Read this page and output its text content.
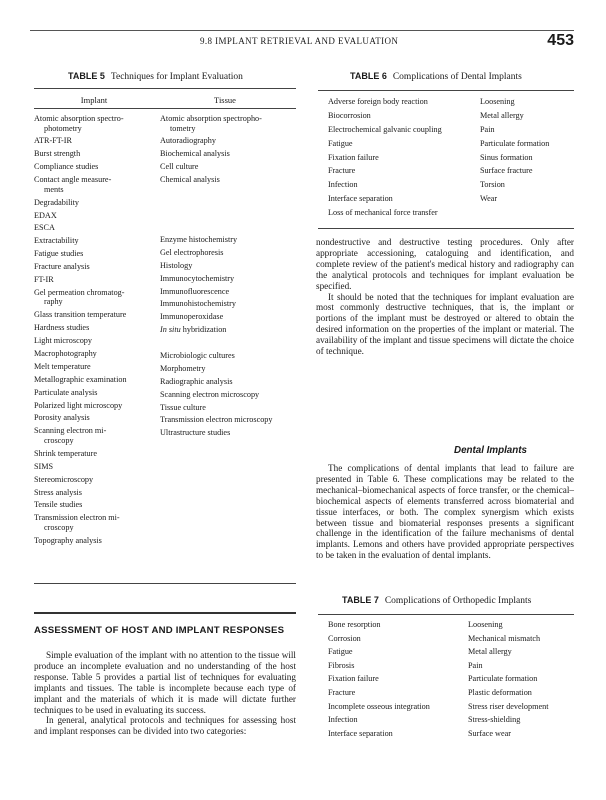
9.8 IMPLANT RETRIEVAL AND EVALUATION	453
TABLE 5 Techniques for Implant Evaluation
Implant	Tissue
Atomic absorption spectro-
photometry
ATR-FT-IR
Burst strength
Compliance studies
Contact angle measure-
ments
Degradability
EDAX
ESCA
Extractability
Fatigue studies
Fracture analysis
FT-IR
Gel permeation chromatog-
raphy
Glass transition temperature
Hardness studies
Light microscopy
Macrophotography
Melt temperature
Metallographic examination
Particulate analysis
Polarized light microscopy
Porosity analysis
Scanning electron mi-
croscopy
Shrink temperature
SIMS
Stereomicroscopy
Stress analysis
Tensile studies
Transmission electron mi-
croscopy
Topography analysis
Atomic absorption spectropho-
tometry
Autoradiography
Biochemical analysis
Cell culture
Chemical analysis
Enzyme histochemistry
Gel electrophoresis
Histology
Immunocytochemistry
Immunofluorescence
Immunohistochemistry
Immunoperoxidase
In situ hybridization
Microbiologic cultures
Morphometry
Radiographic analysis
Scanning electron microscopy
Tissue culture
Transmission electron microscopy
Ultrastructure studies
TABLE 6 Complications of Dental Implants
Adverse foreign body reaction
Biocorrosion
Electrochemical galvanic coupling
Fatigue
Fixation failure
Fracture
Infection
Interface separation
Loss of mechanical force transfer
Loosening
Metal allergy
Pain
Particulate formation
Sinus formation
Surface fracture
Torsion
Wear

nondestructive and destructive testing procedures. Only after appropriate accessioning, cataloguing and identification, and complete review of the patient's medical history and radiography can the analytical protocols and techniques for implant evaluation be specified.

It should be noted that the techniques for implant evaluation are most commonly destructive techniques, that is, the implant or portions of the implant must be destroyed or altered to obtain the desired information on the properties of the implant or material. The availability of the implant and tissue specimens will dictate the choice of technique.

Dental Implants

The complications of dental implants that lead to failure are presented in Table 6. These complications may be related to the mechanical–biomechanical aspects of force transfer, or the chemical–biochemical aspects of elements transferred across biomaterial and tissue interfaces, or both. The complex synergism which exists between tissue and biomaterial responses presents a significant challenge in the identification of the failure mechanisms of dental implants. Lemons and others have provided appropriate perspectives to be taken in the evaluation of dental implants.

TABLE 7 Complications of Orthopedic Implants
Bone resorption
Corrosion
Fatigue
Fibrosis
Fixation failure
Fracture
Incomplete osseous integration
Infection
Interface separation
Loosening
Mechanical mismatch
Metal allergy
Pain
Particulate formation
Plastic deformation
Stress riser development
Stress-shielding
Surface wear
ASSESSMENT OF HOST AND IMPLANT RESPONSES

Simple evaluation of the implant with no attention to the tissue will produce an incomplete evaluation and no understanding of the host response. Table 5 provides a partial list of techniques for evaluating implants and tissues. The table is incomplete because each type of implant and the materials of which it is made will dictate further techniques to be used in evaluating its success.

In general, analytical protocols and techniques for assessing host and implant responses can be divided into two categories:
